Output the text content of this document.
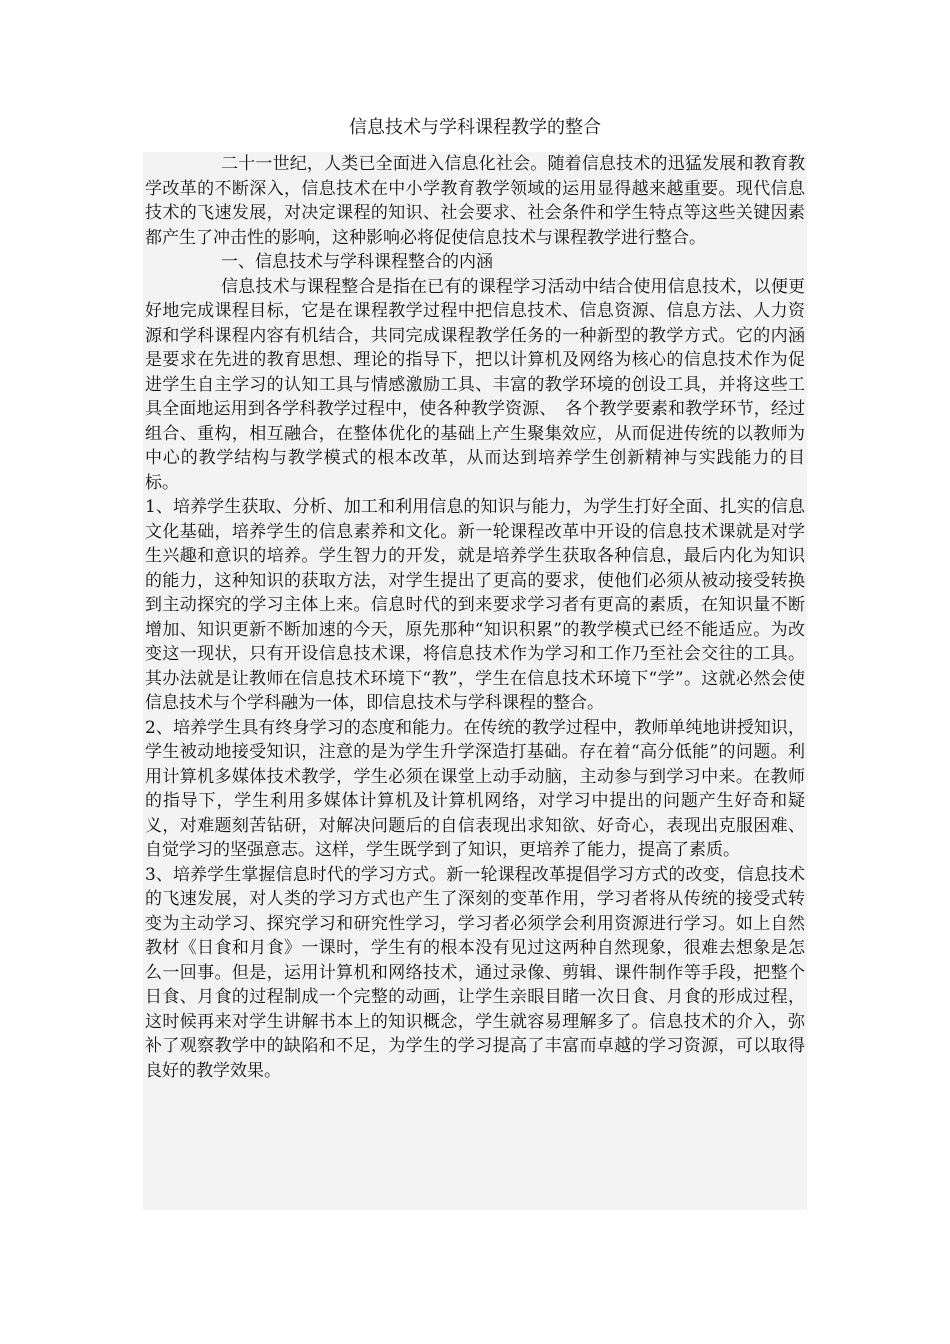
信息技术与学科课程教学的整合

二十一世纪，人类已全面进入信息化社会。随着信息技术的迅猛发展和教育教学改革的不断深入，信息技术在中小学教育教学领域的运用显得越来越重要。现代信息技术的飞速发展，对决定课程的知识、社会要求、社会条件和学生特点等这些关键因素都产生了冲击性的影响，这种影响必将促使信息技术与课程教学进行整合。

一、信息技术与学科课程整合的内涵

信息技术与课程整合是指在已有的课程学习活动中结合使用信息技术，以便更好地完成课程目标，它是在课程教学过程中把信息技术、信息资源、信息方法、人力资源和学科课程内容有机结合，共同完成课程教学任务的一种新型的教学方式。它的内涵是要求在先进的教育思想、理论的指导下，把以计算机及网络为核心的信息技术作为促进学生自主学习的认知工具与情感激励工具、丰富的教学环境的创设工具，并将这些工具全面地运用到各学科教学过程中，使各种教学资源、　各个教学要素和教学环节，经过组合、重构，相互融合，在整体优化的基础上产生聚集效应，从而促进传统的以教师为中心的教学结构与教学模式的根本改革，从而达到培养学生创新精神与实践能力的目标。

1、培养学生获取、分析、加工和利用信息的知识与能力，为学生打好全面、扎实的信息文化基础，培养学生的信息素养和文化。新一轮课程改革中开设的信息技术课就是对学生兴趣和意识的培养。学生智力的开发，就是培养学生获取各种信息，最后内化为知识的能力，这种知识的获取方法，对学生提出了更高的要求，使他们必须从被动接受转换到主动探究的学习主体上来。信息时代的到来要求学习者有更高的素质，在知识量不断增加、知识更新不断加速的今天，原先那种“知识积累”的教学模式已经不能适应。为改变这一现状，只有开设信息技术课，将信息技术作为学习和工作乃至社会交往的工具。其办法就是让教师在信息技术环境下“教”，学生在信息技术环境下“学”。这就必然会使信息技术与个学科融为一体，即信息技术与学科课程的整合。

2、培养学生具有终身学习的态度和能力。在传统的教学过程中，教师单纯地讲授知识，学生被动地接受知识，注意的是为学生升学深造打基础。存在着“高分低能”的问题。利用计算机多媒体技术教学，学生必须在课堂上动手动脑，主动参与到学习中来。在教师的指导下，学生利用多媒体计算机及计算机网络，对学习中提出的问题产生好奇和疑义，对难题刻苦钻研，对解决问题后的自信表现出求知欲、好奇心，表现出克服困难、自觉学习的坚强意志。这样，学生既学到了知识，更培养了能力，提高了素质。

3、培养学生掌握信息时代的学习方式。新一轮课程改革提倡学习方式的改变，信息技术的飞速发展，对人类的学习方式也产生了深刻的变革作用，学习者将从传统的接受式转变为主动学习、探究学习和研究性学习，学习者必须学会利用资源进行学习。如上自然教材《日食和月食》一课时，学生有的根本没有见过这两种自然现象，很难去想象是怎么一回事。但是，运用计算机和网络技术，通过录像、剪辑、课件制作等手段，把整个日食、月食的过程制成一个完整的动画，让学生亲眼目睹一次日食、月食的形成过程，这时候再来对学生讲解书本上的知识概念，学生就容易理解多了。信息技术的介入，弥补了观察教学中的缺陷和不足，为学生的学习提高了丰富而卓越的学习资源，可以取得良好的教学效果。
